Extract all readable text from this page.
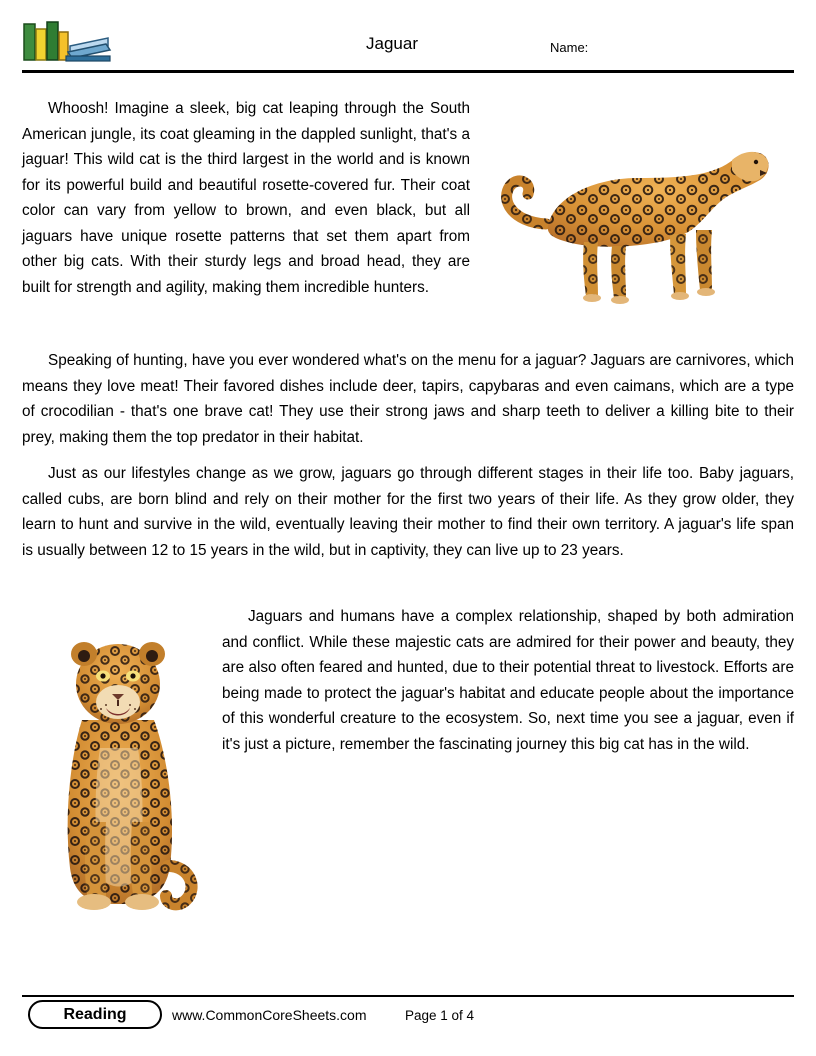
Jaguar	Name:
Whoosh! Imagine a sleek, big cat leaping through the South American jungle, its coat gleaming in the dappled sunlight, that's a jaguar! This wild cat is the third largest in the world and is known for its powerful build and beautiful rosette-covered fur. Their coat color can vary from yellow to brown, and even black, but all jaguars have unique rosette patterns that set them apart from other big cats. With their sturdy legs and broad head, they are built for strength and agility, making them incredible hunters.
Speaking of hunting, have you ever wondered what's on the menu for a jaguar? Jaguars are carnivores, which means they love meat! Their favored dishes include deer, tapirs, capybaras and even caimans, which are a type of crocodilian - that's one brave cat! They use their strong jaws and sharp teeth to deliver a killing bite to their prey, making them the top predator in their habitat.
Just as our lifestyles change as we grow, jaguars go through different stages in their life too. Baby jaguars, called cubs, are born blind and rely on their mother for the first two years of their life. As they grow older, they learn to hunt and survive in the wild, eventually leaving their mother to find their own territory. A jaguar's life span is usually between 12 to 15 years in the wild, but in captivity, they can live up to 23 years.
Jaguars and humans have a complex relationship, shaped by both admiration and conflict. While these majestic cats are admired for their power and beauty, they are also often feared and hunted, due to their potential threat to livestock. Efforts are being made to protect the jaguar's habitat and educate people about the importance of this wonderful creature to the ecosystem. So, next time you see a jaguar, even if it's just a picture, remember the fascinating journey this big cat has in the wild.
Reading	www.CommonCoreSheets.com	Page 1 of 4
